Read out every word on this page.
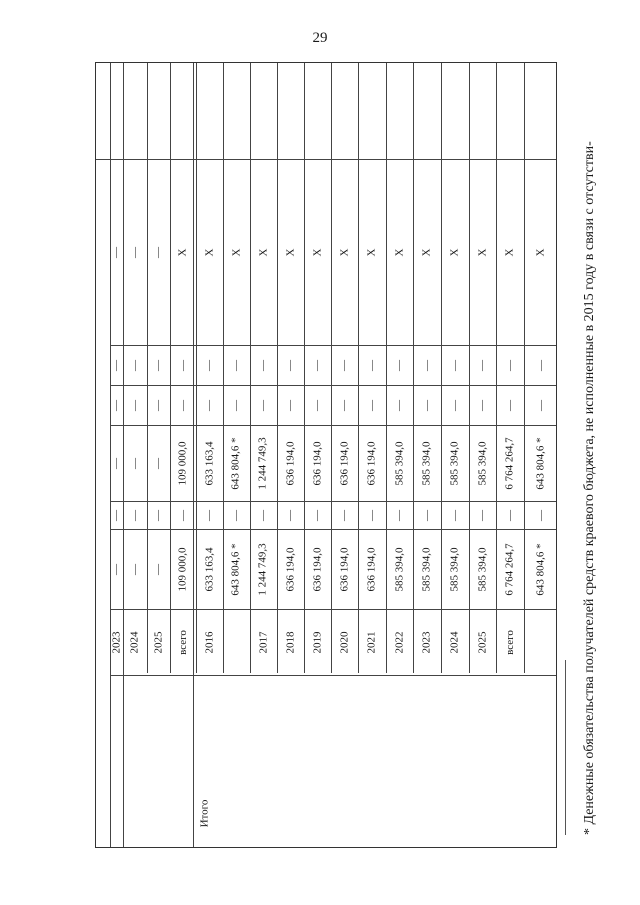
29
—
—
—
—
—
—
2023
—
—
—
—
—
—
2024
—
—
—
—
—
—
2025
X
—
—
109 000,0
—
109 000,0
всего
X
—
—
633 163,4
—
633 163,4
2016
X
—
—
643 804,6 *
—
643 804,6 *
X
—
—
1 244 749,3
—
1 244 749,3
2017
X
—
—
636 194,0
—
636 194,0
2018
X
—
—
636 194,0
—
636 194,0
2019
X
—
—
636 194,0
—
636 194,0
2020
X
—
—
636 194,0
—
636 194,0
2021
X
—
—
585 394,0
—
585 394,0
2022
X
—
—
585 394,0
—
585 394,0
2023
X
—
—
585 394,0
—
585 394,0
2024
X
—
—
585 394,0
—
585 394,0
2025
X
—
—
6 764 264,7
—
6 764 264,7
всего
X
—
—
643 804,6 *
—
643 804,6 *
Итого	* Денежные обязательства получателей средств краевого бюджета, не исполненные в 2015 году в связи с отсутстви-
